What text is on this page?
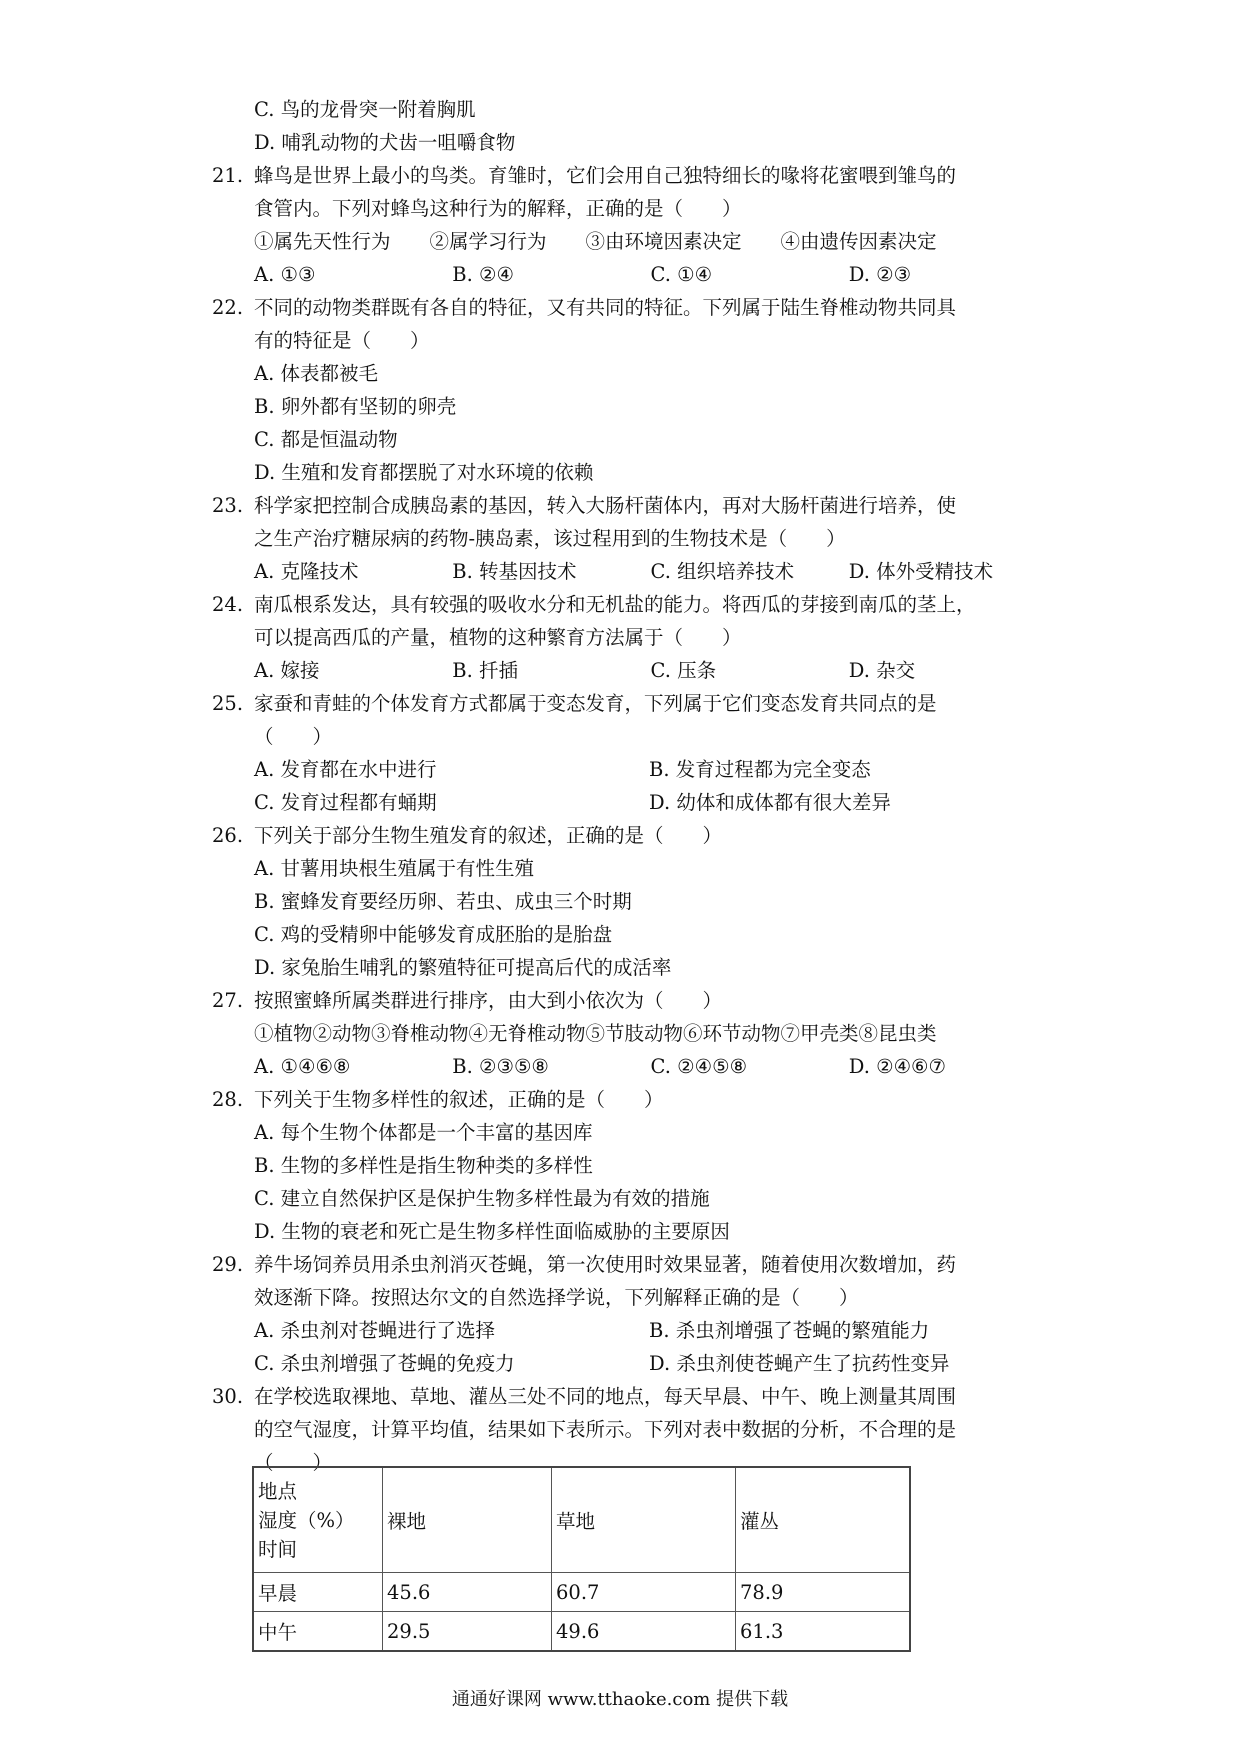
C. 鸟的龙骨突一附着胸肌
D. 哺乳动物的犬齿一咀嚼食物
21. 蜂鸟是世界上最小的鸟类。育雏时，它们会用自己独特细长的喙将花蜜喂到雏鸟的
食管内。下列对蜂鸟这种行为的解释，正确的是（　　）
①属先天性行为　　②属学习行为　　③由环境因素决定　　④由遗传因素决定
A. ①③	B. ②④	C. ①④	D. ②③
22. 不同的动物类群既有各自的特征，又有共同的特征。下列属于陆生脊椎动物共同具
有的特征是（　　）
A. 体表都被毛
B. 卵外都有坚韧的卵壳
C. 都是恒温动物
D. 生殖和发育都摆脱了对水环境的依赖
23. 科学家把控制合成胰岛素的基因，转入大肠杆菌体内，再对大肠杆菌进行培养，使
之生产治疗糖尿病的药物-胰岛素，该过程用到的生物技术是（　　）
A. 克隆技术	B. 转基因技术	C. 组织培养技术	D. 体外受精技术
24. 南瓜根系发达，具有较强的吸收水分和无机盐的能力。将西瓜的芽接到南瓜的茎上，
可以提高西瓜的产量，植物的这种繁育方法属于（　　）
A. 嫁接	B. 扦插	C. 压条	D. 杂交
25. 家蚕和青蛙的个体发育方式都属于变态发育，下列属于它们变态发育共同点的是
（　　）
A. 发育都在水中进行	B. 发育过程都为完全变态
C. 发育过程都有蛹期	D. 幼体和成体都有很大差异
26. 下列关于部分生物生殖发育的叙述，正确的是（　　）
A. 甘薯用块根生殖属于有性生殖
B. 蜜蜂发育要经历卵、若虫、成虫三个时期
C. 鸡的受精卵中能够发育成胚胎的是胎盘
D. 家兔胎生哺乳的繁殖特征可提高后代的成活率
27. 按照蜜蜂所属类群进行排序，由大到小依次为（　　）
①植物②动物③脊椎动物④无脊椎动物⑤节肢动物⑥环节动物⑦甲壳类⑧昆虫类
A. ①④⑥⑧	B. ②③⑤⑧	C. ②④⑤⑧	D. ②④⑥⑦
28. 下列关于生物多样性的叙述，正确的是（　　）
A. 每个生物个体都是一个丰富的基因库
B. 生物的多样性是指生物种类的多样性
C. 建立自然保护区是保护生物多样性最为有效的措施
D. 生物的衰老和死亡是生物多样性面临威胁的主要原因
29. 养牛场饲养员用杀虫剂消灭苍蝇，第一次使用时效果显著，随着使用次数增加，药
效逐渐下降。按照达尔文的自然选择学说，下列解释正确的是（　　）
A. 杀虫剂对苍蝇进行了选择	B. 杀虫剂增强了苍蝇的繁殖能力
C. 杀虫剂增强了苍蝇的免疫力	D. 杀虫剂使苍蝇产生了抗药性变异
30. 在学校选取裸地、草地、灌丛三处不同的地点，每天早晨、中午、晚上测量其周围
的空气湿度，计算平均值，结果如下表所示。下列对表中数据的分析，不合理的是
（　　）
地点
湿度（%）
时间	裸地	草地	灌丛
早晨	45.6	60.7	78.9
中午	29.5	49.6	61.3
通通好课网 www.tthaoke.com 提供下载
